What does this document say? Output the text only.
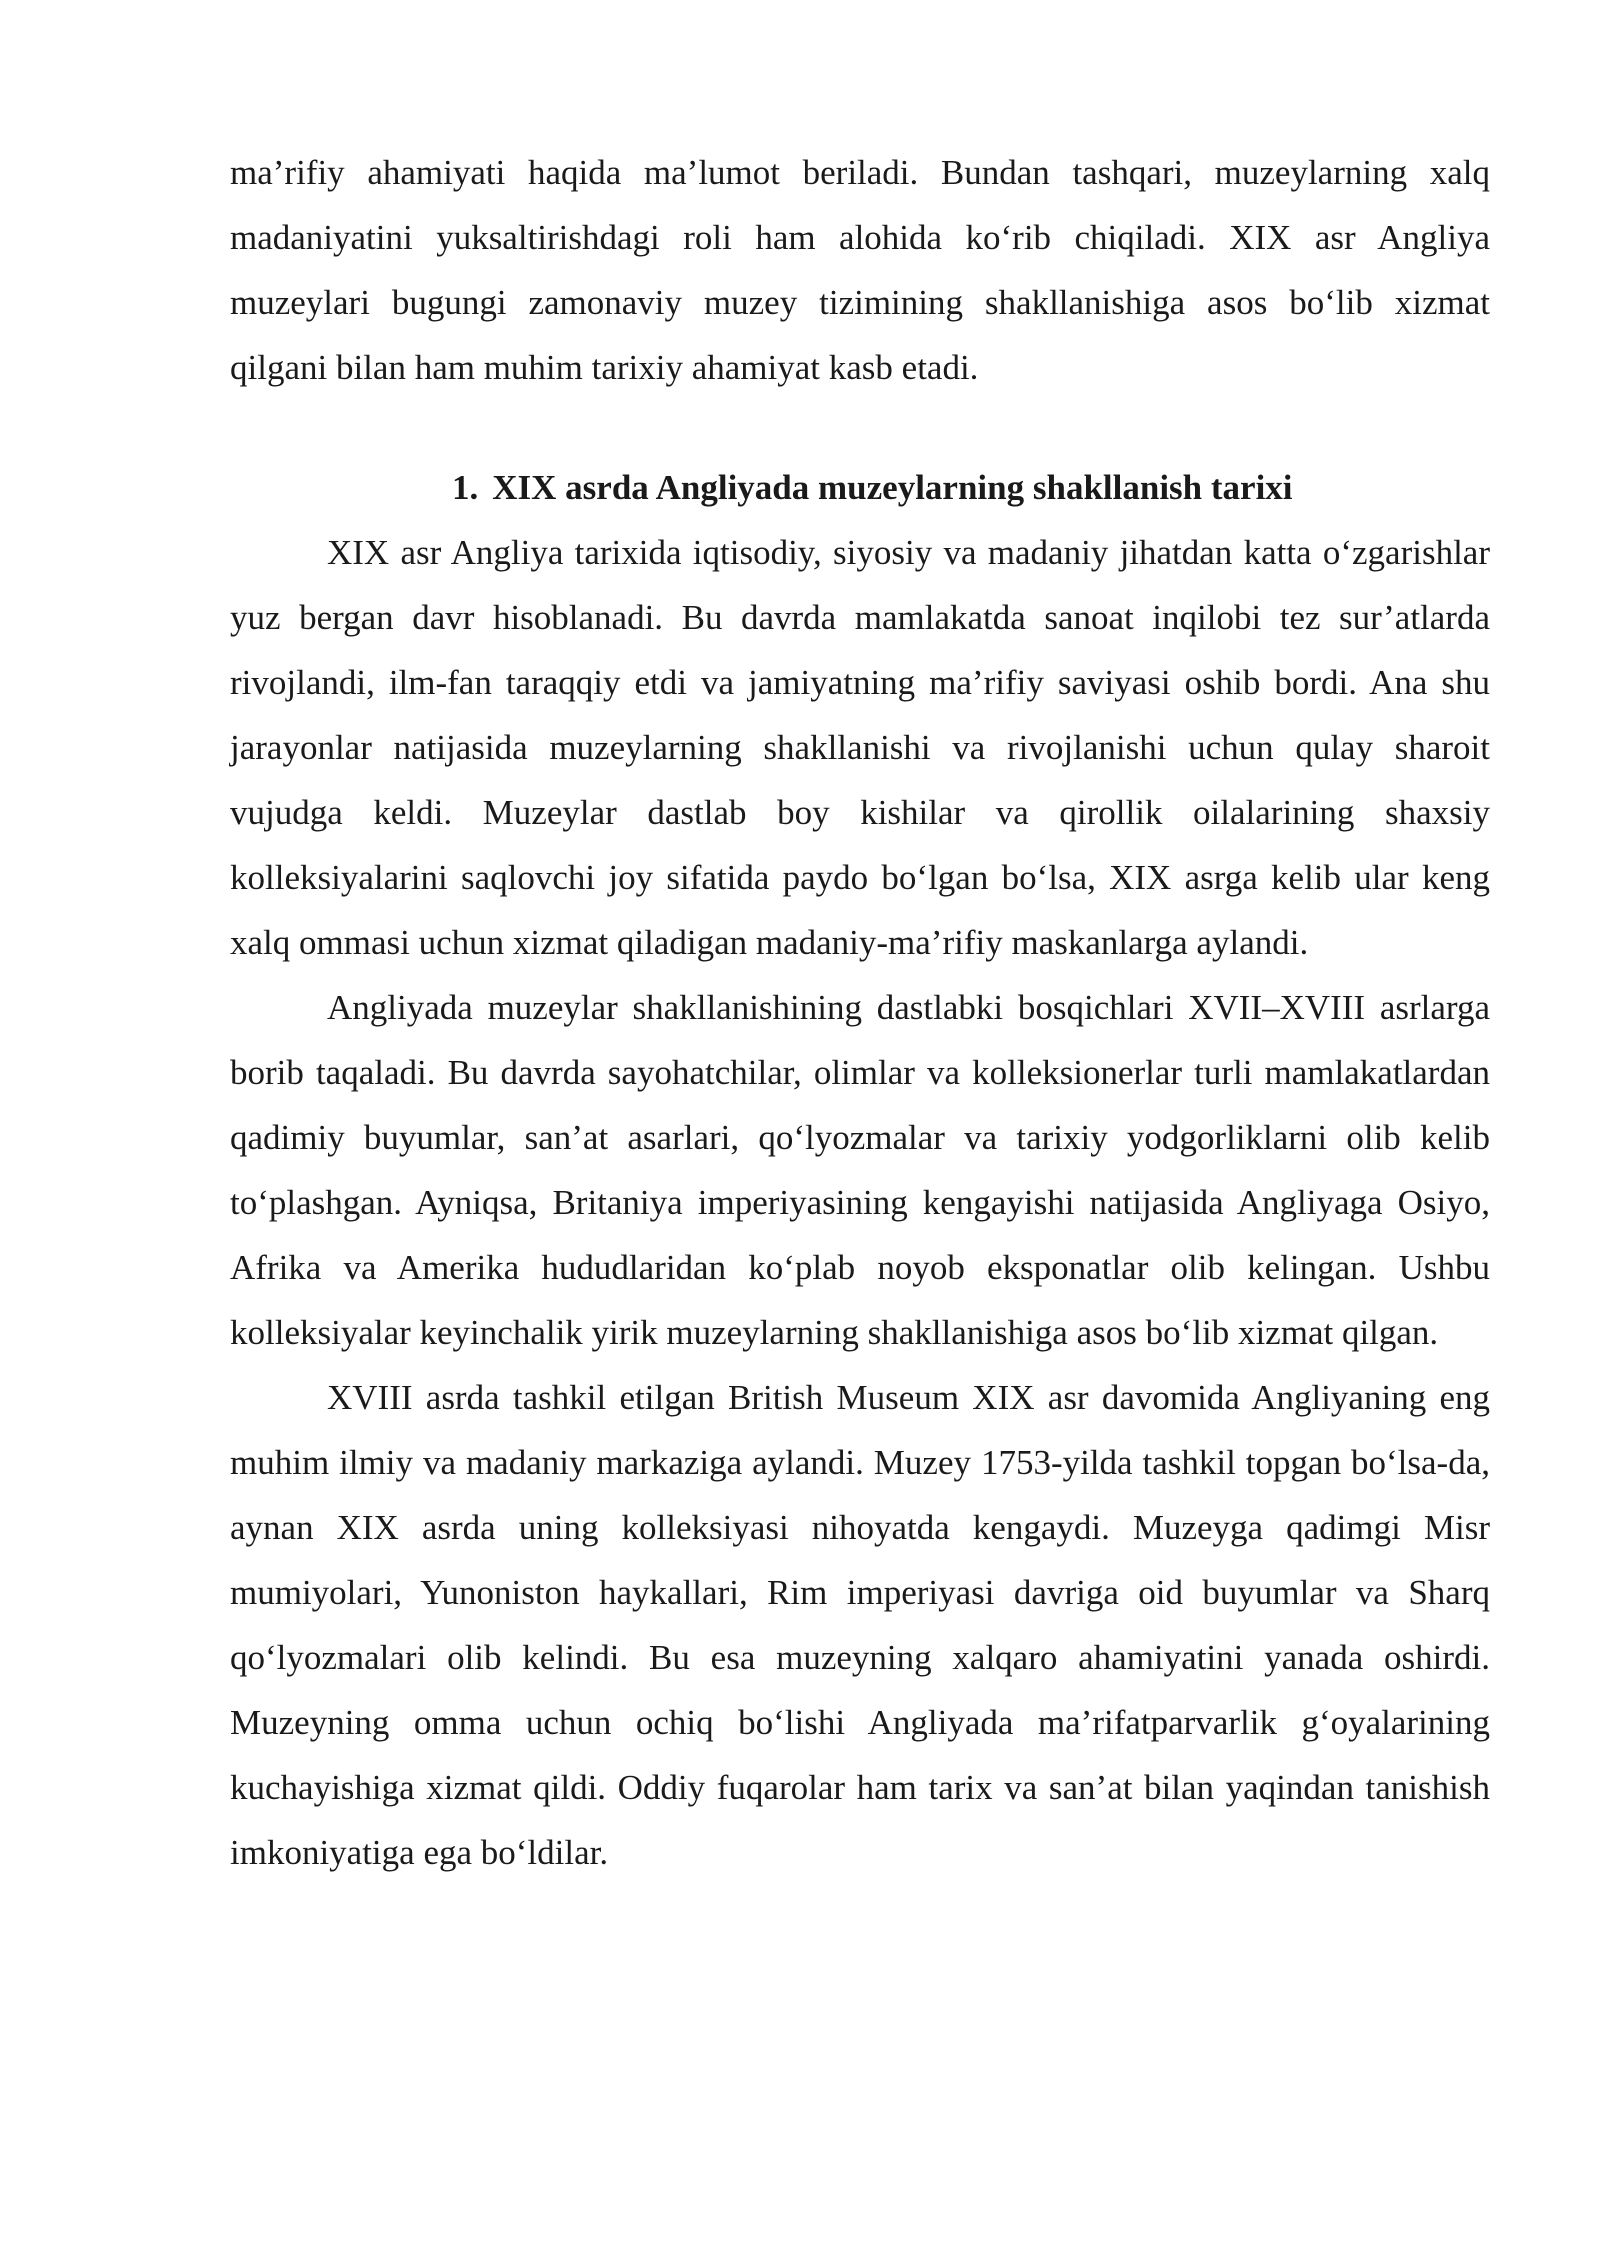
ma’rifiy ahamiyati haqida ma’lumot beriladi. Bundan tashqari, muzeylarning xalq madaniyatini yuksaltirishdagi roli ham alohida ko‘rib chiqiladi. XIX asr Angliya muzeylari bugungi zamonaviy muzey tizimining shakllanishiga asos bo‘lib xizmat qilgani bilan ham muhim tarixiy ahamiyat kasb etadi.

1. XIX asrda Angliyada muzeylarning shakllanish tarixi

XIX asr Angliya tarixida iqtisodiy, siyosiy va madaniy jihatdan katta o‘zgarishlar yuz bergan davr hisoblanadi. Bu davrda mamlakatda sanoat inqilobi tez sur’atlarda rivojlandi, ilm-fan taraqqiy etdi va jamiyatning ma’rifiy saviyasi oshib bordi. Ana shu jarayonlar natijasida muzeylarning shakllanishi va rivojlanishi uchun qulay sharoit vujudga keldi. Muzeylar dastlab boy kishilar va qirollik oilalarining shaxsiy kolleksiyalarini saqlovchi joy sifatida paydo bo‘lgan bo‘lsa, XIX asrga kelib ular keng xalq ommasi uchun xizmat qiladigan madaniy-ma’rifiy maskanlarga aylandi.

Angliyada muzeylar shakllanishining dastlabki bosqichlari XVII–XVIII asrlarga borib taqaladi. Bu davrda sayohatchilar, olimlar va kolleksionerlar turli mamlakatlardan qadimiy buyumlar, san’at asarlari, qo‘lyozmalar va tarixiy yodgorliklarni olib kelib to‘plashgan. Ayniqsa, Britaniya imperiyasining kengayishi natijasida Angliyaga Osiyo, Afrika va Amerika hududlaridan ko‘plab noyob eksponatlar olib kelingan. Ushbu kolleksiyalar keyinchalik yirik muzeylarning shakllanishiga asos bo‘lib xizmat qilgan.

XVIII asrda tashkil etilgan British Museum XIX asr davomida Angliyaning eng muhim ilmiy va madaniy markaziga aylandi. Muzey 1753-yilda tashkil topgan bo‘lsa-da, aynan XIX asrda uning kolleksiyasi nihoyatda kengaydi. Muzeyga qadimgi Misr mumiyolari, Yunoniston haykallari, Rim imperiyasi davriga oid buyumlar va Sharq qo‘lyozmalari olib kelindi. Bu esa muzeyning xalqaro ahamiyatini yanada oshirdi. Muzeyning omma uchun ochiq bo‘lishi Angliyada ma’rifatparvarlik g‘oyalarining kuchayishiga xizmat qildi. Oddiy fuqarolar ham tarix va san’at bilan yaqindan tanishish imkoniyatiga ega bo‘ldilar.
